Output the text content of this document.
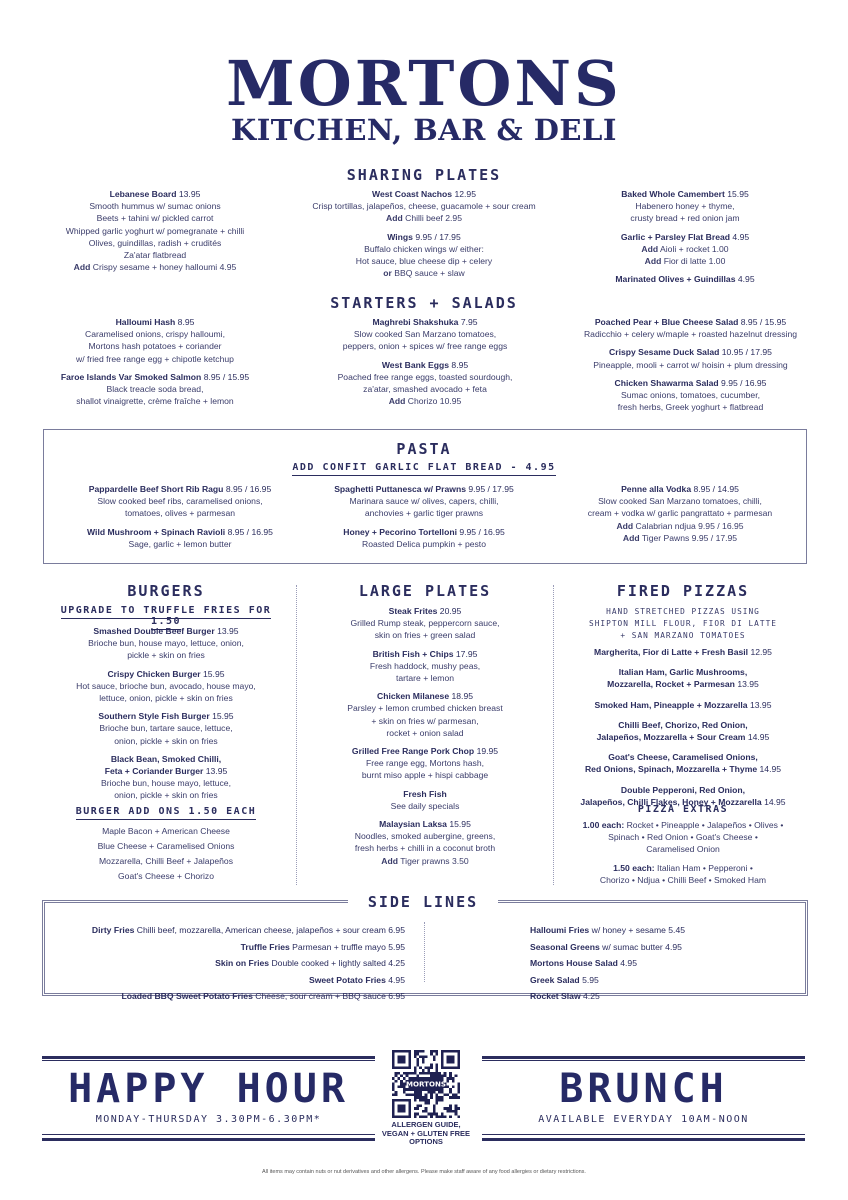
MORTONS
KITCHEN, BAR & DELI
SHARING PLATES
Lebanese Board 13.95
Smooth hummus w/ sumac onions
Beets + tahini w/ pickled carrot
Whipped garlic yoghurt w/ pomegranate + chilli
Olives, guindillas, radish + crudités
Za'atar flatbread
Add Crispy sesame + honey halloumi 4.95
West Coast Nachos 12.95
Crisp tortillas, jalapeños, cheese, guacamole + sour cream
Add Chilli beef 2.95
Wings 9.95 / 17.95
Buffalo chicken wings w/ either:
Hot sauce, blue cheese dip + celery
or BBQ sauce + slaw
Baked Whole Camembert 15.95
Habenero honey + thyme,
crusty bread + red onion jam
Garlic + Parsley Flat Bread 4.95
Add Aioli + rocket 1.00
Add Fior di latte 1.00
Marinated Olives + Guindillas 4.95
STARTERS + SALADS
Halloumi Hash 8.95
Caramelised onions, crispy halloumi,
Mortons hash potatoes + coriander
w/ fried free range egg + chipotle ketchup
Faroe Islands Var Smoked Salmon 8.95 / 15.95
Black treacle soda bread,
shallot vinaigrette, crème fraîche + lemon
Maghrebi Shakshuka 7.95
Slow cooked San Marzano tomatoes,
peppers, onion + spices w/ free range eggs
West Bank Eggs 8.95
Poached free range eggs, toasted sourdough,
za'atar, smashed avocado + feta
Add Chorizo 10.95
Poached Pear + Blue Cheese Salad 8.95 / 15.95
Radicchio + celery w/maple + roasted hazelnut dressing
Crispy Sesame Duck Salad 10.95 / 17.95
Pineapple, mooli + carrot w/ hoisin + plum dressing
Chicken Shawarma Salad 9.95 / 16.95
Sumac onions, tomatoes, cucumber,
fresh herbs, Greek yoghurt + flatbread
PASTA
ADD CONFIT GARLIC FLAT BREAD - 4.95
Pappardelle Beef Short Rib Ragu 8.95 / 16.95
Slow cooked beef ribs, caramelised onions,
tomatoes, olives + parmesan
Wild Mushroom + Spinach Ravioli 8.95 / 16.95
Sage, garlic + lemon butter
Spaghetti Puttanesca w/ Prawns 9.95 / 17.95
Marinara sauce w/ olives, capers, chilli,
anchovies + garlic tiger prawns
Honey + Pecorino Tortelloni 9.95 / 16.95
Roasted Delica pumpkin + pesto
Penne alla Vodka 8.95 / 14.95
Slow cooked San Marzano tomatoes, chilli,
cream + vodka w/ garlic pangrattato + parmesan
Add Calabrian ndjua 9.95 / 16.95
Add Tiger Pawns 9.95 / 17.95
BURGERS
UPGRADE TO TRUFFLE FRIES FOR 1.50
Smashed Double Beef Burger 13.95
Brioche bun, house mayo, lettuce, onion,
pickle + skin on fries
Crispy Chicken Burger 15.95
Hot sauce, brioche bun, avocado, house mayo,
lettuce, onion, pickle + skin on fries
Southern Style Fish Burger 15.95
Brioche bun, tartare sauce, lettuce,
onion, pickle + skin on fries
Black Bean, Smoked Chilli,
Feta + Coriander Burger 13.95
Brioche bun, house mayo, lettuce,
onion, pickle + skin on fries
BURGER ADD ONS 1.50 EACH
Maple Bacon + American Cheese
Blue Cheese + Caramelised Onions
Mozzarella, Chilli Beef + Jalapeños
Goat's Cheese + Chorizo
LARGE PLATES
Steak Frites 20.95
Grilled Rump steak, peppercorn sauce,
skin on fries + green salad
British Fish + Chips 17.95
Fresh haddock, mushy peas,
tartare + lemon
Chicken Milanese 18.95
Parsley + lemon crumbed chicken breast
+ skin on fries w/ parmesan,
rocket + onion salad
Grilled Free Range Pork Chop 19.95
Free range egg, Mortons hash,
burnt miso apple + hispi cabbage
Fresh Fish
See daily specials
Malaysian Laksa 15.95
Noodles, smoked aubergine, greens,
fresh herbs + chilli in a coconut broth
Add Tiger prawns 3.50
FIRED PIZZAS
HAND STRETCHED PIZZAS USING
SHIPTON MILL FLOUR, FIOR DI LATTE
+ SAN MARZANO TOMATOES
Margherita, Fior di Latte + Fresh Basil 12.95
Italian Ham, Garlic Mushrooms,
Mozzarella, Rocket + Parmesan 13.95
Smoked Ham, Pineapple + Mozzarella 13.95
Chilli Beef, Chorizo, Red Onion,
Jalapeños, Mozzarella + Sour Cream 14.95
Goat's Cheese, Caramelised Onions,
Red Onions, Spinach, Mozzarella + Thyme 14.95
Double Pepperoni, Red Onion,
Jalapeños, Chilli Flakes, Honey + Mozzarella 14.95
PIZZA EXTRAS
1.00 each: Rocket • Pineapple • Jalapeños • Olives •
Spinach • Red Onion • Goat's Cheese •
Caramelised Onion
1.50 each: Italian Ham • Pepperoni •
Chorizo • Ndjua • Chilli Beef • Smoked Ham
SIDE LINES
Dirty Fries Chilli beef, mozzarella, American cheese, jalapeños + sour cream 6.95
Truffle Fries Parmesan + truffle mayo 5.95
Skin on Fries Double cooked + lightly salted 4.25
Sweet Potato Fries 4.95
Loaded BBQ Sweet Potato Fries Cheese, sour cream + BBQ sauce 6.95
Halloumi Fries w/ honey + sesame 5.45
Seasonal Greens w/ sumac butter 4.95
Mortons House Salad 4.95
Greek Salad 5.95
Rocket Slaw 4.25
HAPPY HOUR
MONDAY-THURSDAY 3.30PM-6.30PM*
BRUNCH
AVAILABLE EVERYDAY 10AM-NOON
MORTONS
ALLERGEN GUIDE,
VEGAN + GLUTEN FREE
OPTIONS
All items may contain nuts or nut derivatives and other allergens. Please make staff aware of any food allergies or dietary restrictions.
